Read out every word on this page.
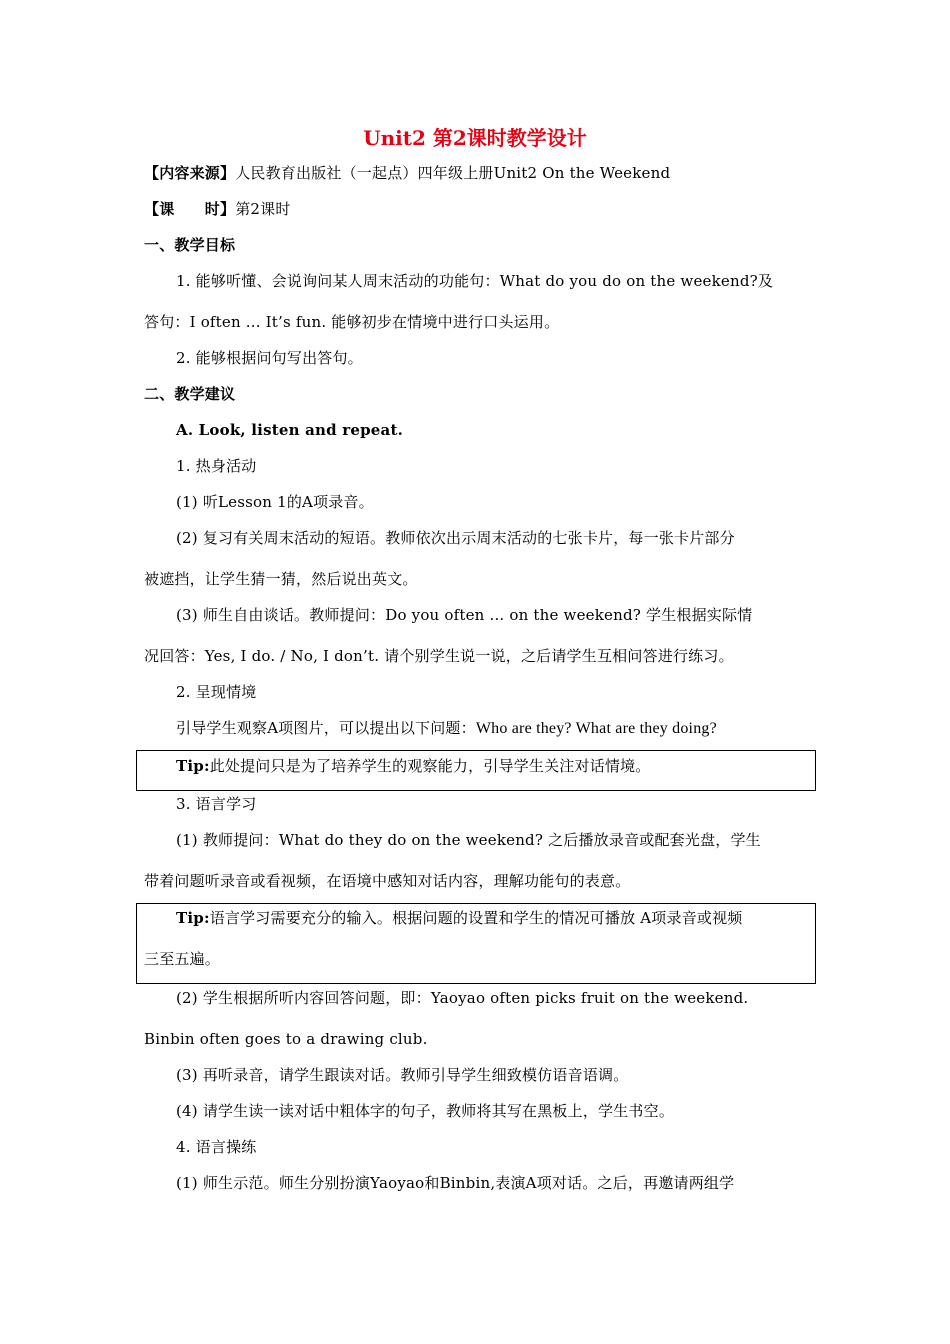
Unit2 第2课时教学设计
【内容来源】人民教育出版社（一起点）四年级上册Unit2 On the Weekend
【课　　时】第2课时
一、教学目标
1. 能够听懂、会说询问某人周末活动的功能句：What do you do on the weekend?及
答句：I often ... It’s fun. 能够初步在情境中进行口头运用。
2. 能够根据问句写出答句。
二、教学建议
A. Look, listen and repeat.
1. 热身活动
(1) 听Lesson 1的A项录音。
(2) 复习有关周末活动的短语。教师依次出示周末活动的七张卡片，每一张卡片部分
被遮挡，让学生猜一猜，然后说出英文。
(3) 师生自由谈话。教师提问：Do you often ... on the weekend? 学生根据实际情
况回答：Yes, I do. / No, I don’t. 请个别学生说一说，之后请学生互相问答进行练习。
2. 呈现情境
引导学生观察A项图片，可以提出以下问题：Who are they? What are they doing?
Tip:此处提问只是为了培养学生的观察能力，引导学生关注对话情境。
3. 语言学习
(1) 教师提问：What do they do on the weekend? 之后播放录音或配套光盘，学生
带着问题听录音或看视频，在语境中感知对话内容，理解功能句的表意。
Tip:语言学习需要充分的输入。根据问题的设置和学生的情况可播放 A项录音或视频
三至五遍。
(2) 学生根据所听内容回答问题，即：Yaoyao often picks fruit on the weekend.
Binbin often goes to a drawing club.
(3) 再听录音，请学生跟读对话。教师引导学生细致模仿语音语调。
(4) 请学生读一读对话中粗体字的句子，教师将其写在黑板上，学生书空。
4. 语言操练
(1) 师生示范。师生分别扮演Yaoyao和Binbin,表演A项对话。之后，再邀请两组学
